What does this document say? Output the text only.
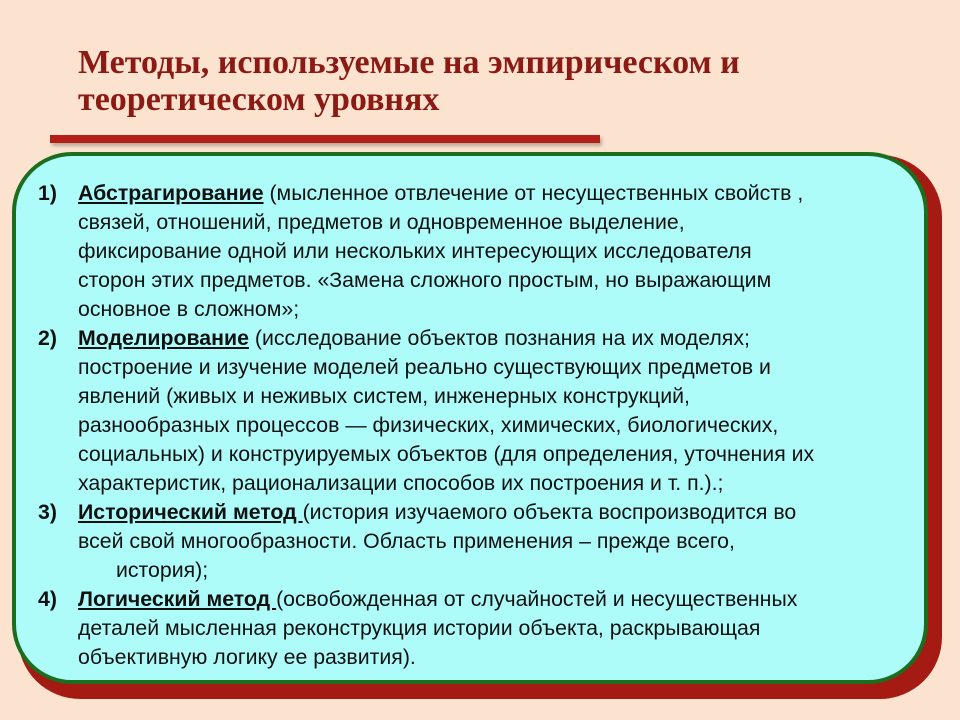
Методы, используемые на эмпирическом и
теоретическом уровнях
1) Абстрагирование (мысленное отвлечение от несущественных свойств ,
связей, отношений, предметов и одновременное выделение,
фиксирование одной или нескольких интересующих исследователя
сторон этих предметов. «Замена сложного простым, но выражающим
основное в сложном»;
2) Моделирование (исследование объектов познания на их моделях;
построение и изучение моделей реально существующих предметов и
явлений (живых и неживых систем, инженерных конструкций,
разнообразных процессов — физических, химических, биологических,
социальных) и конструируемых объектов (для определения, уточнения их
характеристик, рационализации способов их построения и т. п.).;
3) Исторический метод (история изучаемого объекта воспроизводится во
всей свой многообразности. Область применения – прежде всего,
история);
4) Логический метод (освобожденная от случайностей и несущественных
деталей мысленная реконструкция истории объекта, раскрывающая
объективную логику ее развития).
